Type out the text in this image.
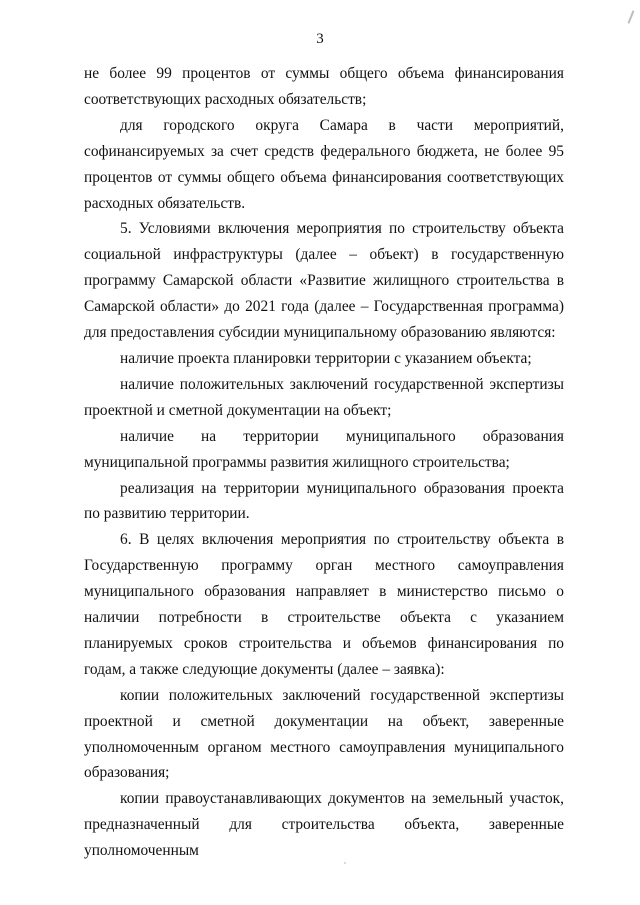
3

не более 99 процентов от суммы общего объема финансирования соответствующих расходных обязательств;

для городского округа Самара в части мероприятий, софинансируемых за счет средств федерального бюджета, не более 95 процентов от суммы общего объема финансирования соответствующих расходных обязательств.

5. Условиями включения мероприятия по строительству объекта социальной инфраструктуры (далее – объект) в государственную программу Самарской области «Развитие жилищного строительства в Самарской области» до 2021 года (далее – Государственная программа) для предоставления субсидии муниципальному образованию являются:

наличие проекта планировки территории с указанием объекта;

наличие положительных заключений государственной экспертизы проектной и сметной документации на объект;

наличие на территории муниципального образования муниципальной программы развития жилищного строительства;

реализация на территории муниципального образования проекта по развитию территории.

6. В целях включения мероприятия по строительству объекта в Государственную программу орган местного самоуправления муниципального образования направляет в министерство письмо о наличии потребности в строительстве объекта с указанием планируемых сроков строительства и объемов финансирования по годам, а также следующие документы (далее – заявка):

копии положительных заключений государственной экспертизы проектной и сметной документации на объект, заверенные уполномоченным органом местного самоуправления муниципального образования;

копии правоустанавливающих документов на земельный участок, предназначенный для строительства объекта, заверенные уполномоченным
